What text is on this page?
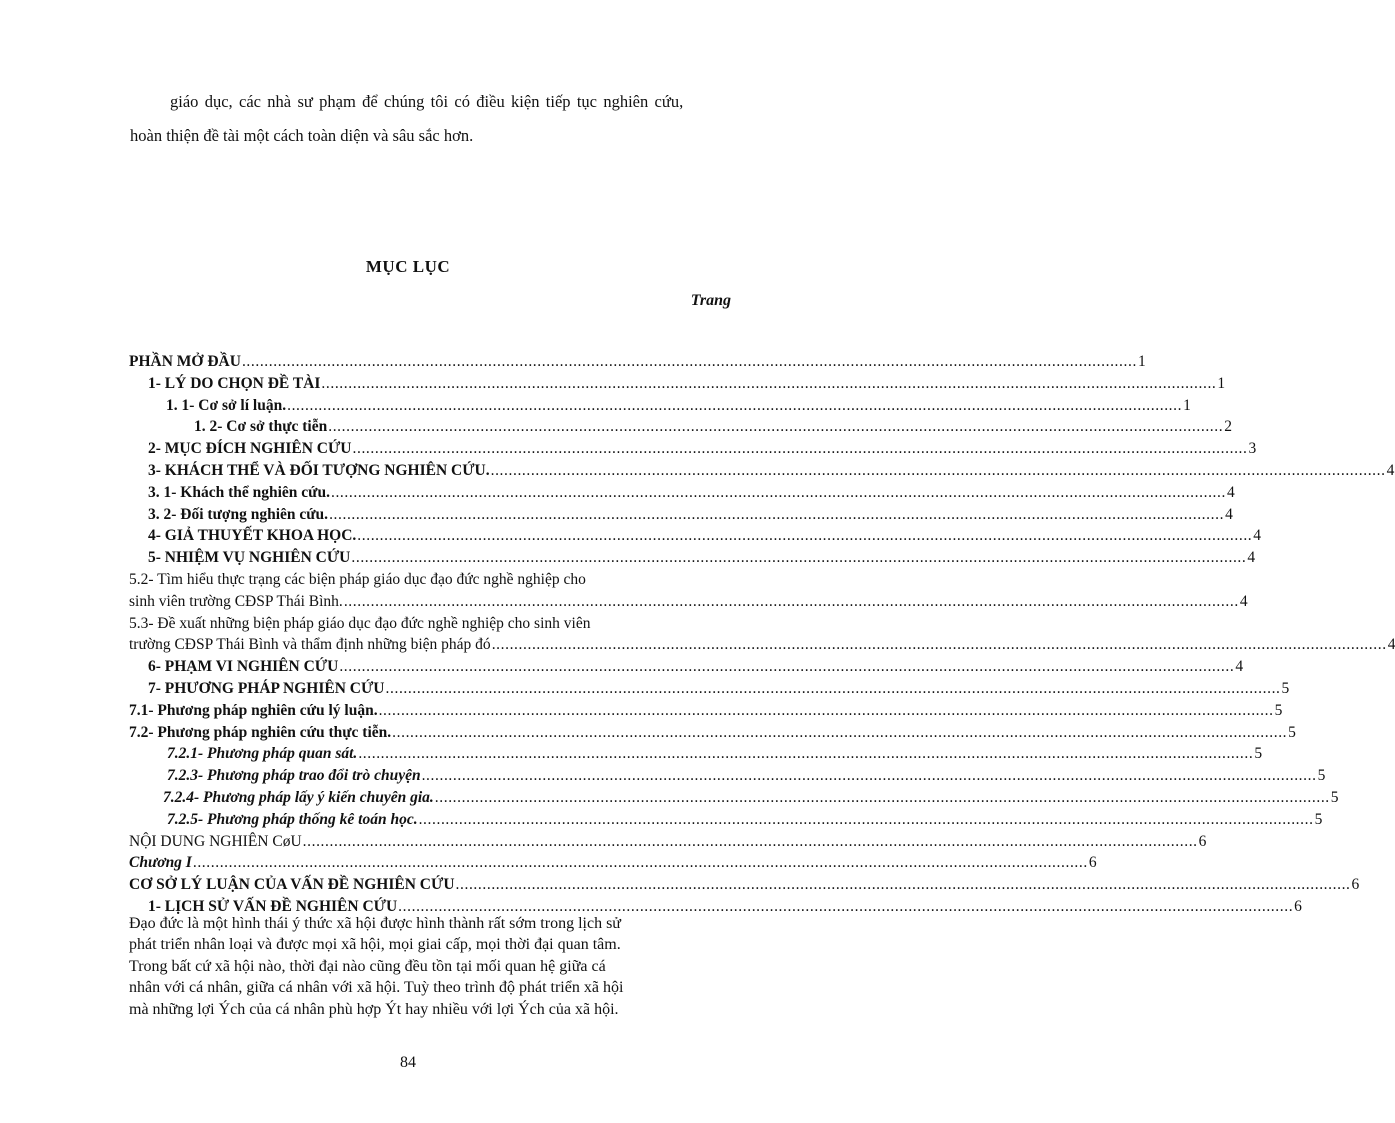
giáo dục, các nhà sư phạm để chúng tôi có điều kiện tiếp tục nghiên cứu,

hoàn thiện đề tài một cách toàn diện và sâu sắc hơn.

MỤC LỤC
Trang
PHẦN MỞ ĐẦU ........................................................................................................................................................................................................ 1
1- LÝ DO CHỌN ĐỀ TÀI ........................................................................................................................................................................................................ 1
1. 1- Cơ sở lí luận. ........................................................................................................................................................................................................ 1
1. 2- Cơ sở thực tiễn ........................................................................................................................................................................................................ 2
2- MỤC ĐÍCH NGHIÊN CỨU ........................................................................................................................................................................................................ 3
3- KHÁCH THỂ VÀ ĐỐI TƯỢNG NGHIÊN CỨU. ........................................................................................................................................................................................................ 4
3. 1- Khách thể nghiên cứu. ........................................................................................................................................................................................................ 4
3. 2- Đối tượng nghiên cứu. ........................................................................................................................................................................................................ 4
4- GIẢ THUYẾT KHOA HỌC. ........................................................................................................................................................................................................ 4
5- NHIỆM VỤ NGHIÊN CỨU ........................................................................................................................................................................................................ 4
5.2- Tìm hiểu thực trạng các biện pháp giáo dục đạo đức nghề nghiệp cho
sinh viên trường CĐSP Thái Bình. ........................................................................................................................................................................................................ 4
5.3- Đề xuất những biện pháp giáo dục đạo đức nghề nghiệp cho sinh viên
trường CĐSP Thái Bình và thẩm định những biện pháp đó ........................................................................................................................................................................................................ 4
6- PHẠM VI NGHIÊN CỨU ........................................................................................................................................................................................................ 4
7- PHƯƠNG PHÁP NGHIÊN CỨU ........................................................................................................................................................................................................ 5
7.1- Phương pháp nghiên cứu lý luận. ........................................................................................................................................................................................................ 5
7.2- Phương pháp nghiên cứu thực tiễn. ........................................................................................................................................................................................................ 5
7.2.1- Phương pháp quan sát. ........................................................................................................................................................................................................ 5
7.2.3- Phương pháp trao đổi trò chuyện ........................................................................................................................................................................................................ 5
7.2.4- Phương pháp lấy ý kiến chuyên gia. ........................................................................................................................................................................................................ 5
7.2.5- Phương pháp thống kê toán học. ........................................................................................................................................................................................................ 5
NỘI DUNG NGHIÊN CøU ........................................................................................................................................................................................................ 6
Chương I ........................................................................................................................................................................................................ 6
CƠ SỞ LÝ LUẬN CỦA VẤN ĐỀ NGHIÊN CỨU ........................................................................................................................................................................................................ 6
1- LỊCH SỬ VẤN ĐỀ NGHIÊN CỨU ........................................................................................................................................................................................................ 6
Đạo đức là một hình thái ý thức xã hội được hình thành rất sớm trong lịch sử
phát triển nhân loại và được mọi xã hội, mọi giai cấp, mọi thời đại quan tâm.
Trong bất cứ xã hội nào, thời đại nào cũng đều tồn tại mối quan hệ giữa cá
nhân với cá nhân, giữa cá nhân với xã hội. Tuỳ theo trình độ phát triển xã hội
mà những lợi Ých của cá nhân phù hợp Ýt hay nhiều với lợi Ých của xã hội.
84
